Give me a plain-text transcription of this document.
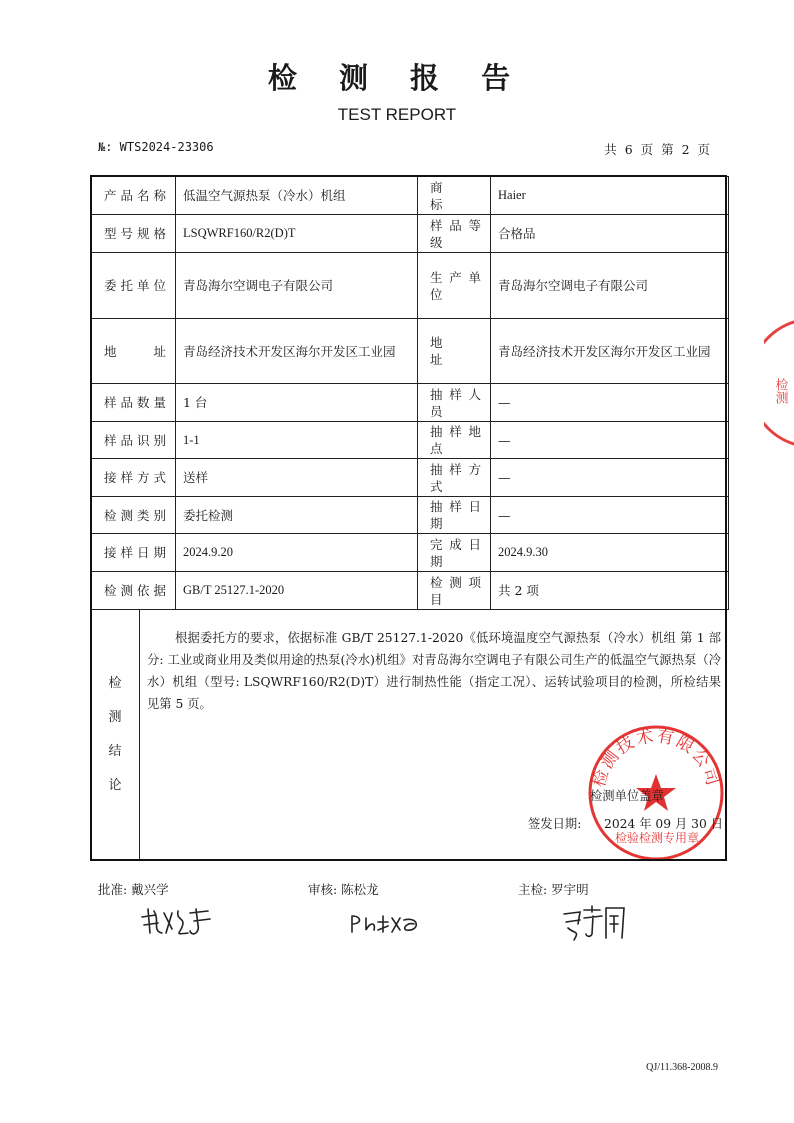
检 测 报 告
TEST REPORT
№: WTS2024-23306	共 6 页 第 2 页
产品名称	低温空气源热泵（冷水）机组	商　　标	Haier
型号规格	LSQWRF160/R2(D)T	样品等级	合格品
委托单位	青岛海尔空调电子有限公司	生产单位	青岛海尔空调电子有限公司
地　　址	青岛经济技术开发区海尔开发区工业园	地　　址	青岛经济技术开发区海尔开发区工业园
样品数量	1 台	抽样人员	—
样品识别	1-1	抽样地点	—
接样方式	送样	抽样方式	—
检测类别	委托检测	抽样日期	—
接样日期	2024.9.20	完成日期	2024.9.30
检测依据	GB/T 25127.1-2020	检测项目	共 2 项
检
测
结
论
根据委托方的要求，依据标准 GB/T 25127.1-2020《低环境温度空气源热泵（冷水）机组 第 1 部分: 工业或商业用及类似用途的热泵(冷水)机组》对青岛海尔空调电子有限公司生产的低温空气源热泵（冷水）机组（型号: LSQWRF160/R2(D)T）进行制热性能（指定工况）、运转试验项目的检测，所检结果见第 5 页。
检测技术有限公司
检验检测专用章
检测单位盖章
签发日期: 2024 年 09 月 30 日
检测
批准: 戴兴学	审核: 陈松龙	主检: 罗宇明
QJ/11.368-2008.9
